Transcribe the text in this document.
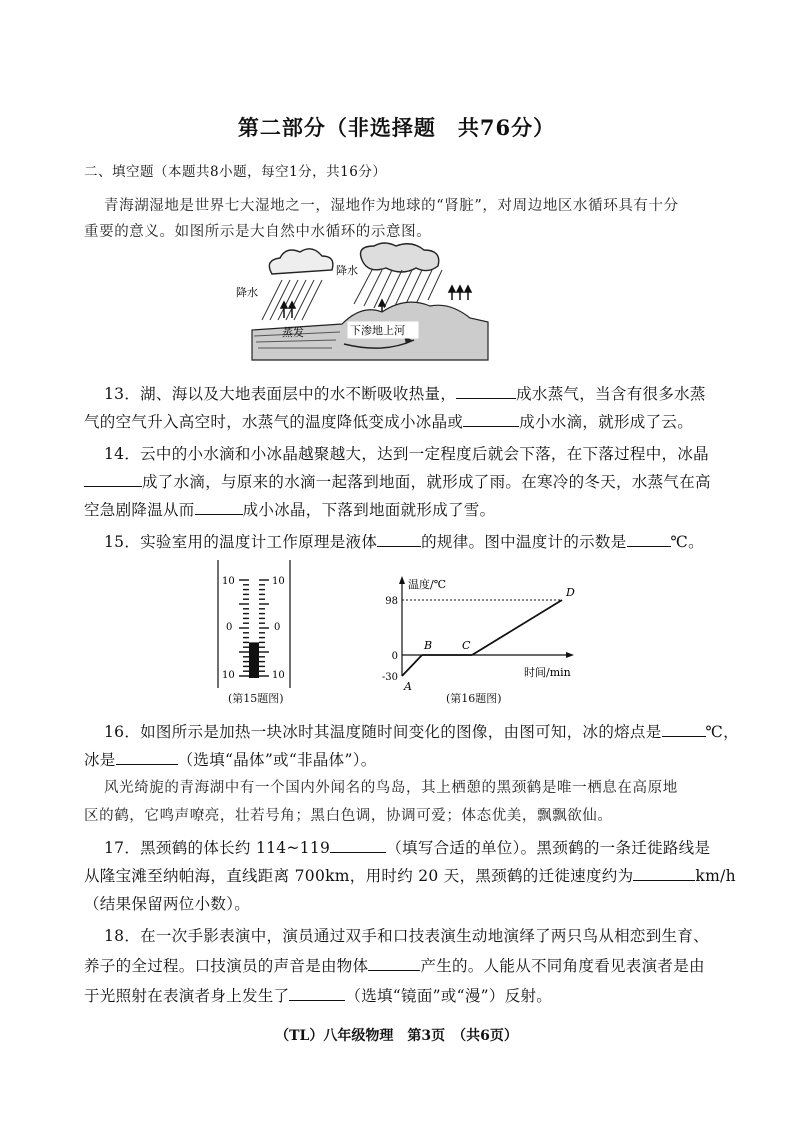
第二部分（非选择题　共76分）
二、填空题（本题共8小题，每空1分，共16分）
青海湖湿地是世界七大湿地之一，湿地作为地球的“肾脏”，对周边地区水循环具有十分
重要的意义。如图所示是大自然中水循环的示意图。
降水
降水
蒸发	下渗地上河
13．湖、海以及大地表面层中的水不断吸收热量，	成水蒸气，当含有很多水蒸
气的空气升入高空时，水蒸气的温度降低变成小冰晶或	成小水滴，就形成了云。
14．云中的小水滴和小冰晶越聚越大，达到一定程度后就会下落，在下落过程中，冰晶
成了水滴，与原来的水滴一起落到地面，就形成了雨。在寒冷的冬天，水蒸气在高
空急剧降温从而	成小冰晶，下落到地面就形成了雪。
15．实验室用的温度计工作原理是液体	的规律。图中温度计的示数是	℃。
10	10
0	0
10	10
(第15题图)
温度/℃
时间/min
98
0
-30
A
B	C
D
(第16题图)
16．如图所示是加热一块冰时其温度随时间变化的图像，由图可知，冰的熔点是	℃，
冰是	（选填“晶体”或“非晶体”）。
风光绮旎的青海湖中有一个国内外闻名的鸟岛，其上栖憩的黑颈鹤是唯一栖息在高原地
区的鹤，它鸣声嘹亮，壮若号角；黑白色调，协调可爱；体态优美，飘飘欲仙。
17．黑颈鹤的体长约 114~119	（填写合适的单位）。黑颈鹤的一条迁徙路线是
从隆宝滩至纳帕海，直线距离 700km，用时约 20 天，黑颈鹤的迁徙速度约为	km/h
（结果保留两位小数）。
18．在一次手影表演中，演员通过双手和口技表演生动地演绎了两只鸟从相恋到生育、
养子的全过程。口技演员的声音是由物体	产生的。人能从不同角度看见表演者是由
于光照射在表演者身上发生了	（选填“镜面”或“漫”）反射。
（TL）八年级物理　第3页　（共6页）
